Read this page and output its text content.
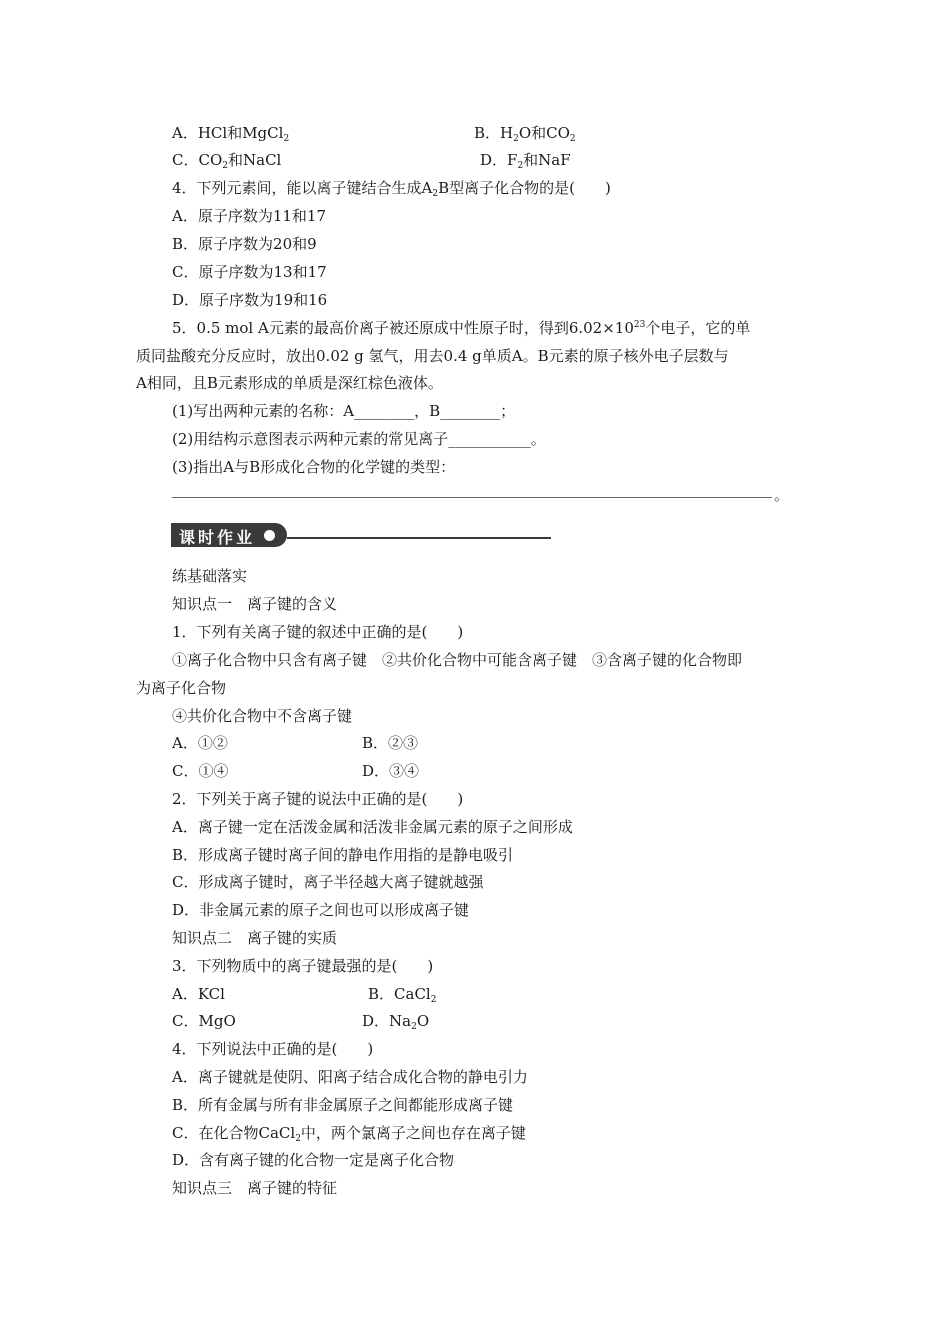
A．HCl和MgCl$_2$	B．$H_2O$和$CO_2$
C．$CO_2$和NaCl	D．$F_2$和NaF
4．下列元素间，能以离子键结合生成$A_2B$型离子化合物的是(　　)
A．原子序数为11和17
B．原子序数为20和9
C．原子序数为13和17
D．原子序数为19和16
5．0.5 mol A元素的最高价离子被还原成中性原子时，得到$6.02\times 10^{23}$个电子，它的单
质同盐酸充分反应时，放出0.02 g 氢气，用去0.4 g单质A。B元素的原子核外电子层数与
A相同，且B元素形成的单质是深红棕色液体。
(1)写出两种元素的名称：A________，B________；
(2)用结构示意图表示两种元素的常见离子___________。
(3)指出A与B形成化合物的化学键的类型：
。
课时作业
练基础落实
知识点一　离子键的含义
1．下列有关离子键的叙述中正确的是(　　)
①离子化合物中只含有离子键　②共价化合物中可能含离子键　③含离子键的化合物即
为离子化合物
④共价化合物中不含离子键
A．①②	B．②③
C．①④	D．③④
2．下列关于离子键的说法中正确的是(　　)
A．离子键一定在活泼金属和活泼非金属元素的原子之间形成
B．形成离子键时离子间的静电作用指的是静电吸引
C．形成离子键时，离子半径越大离子键就越强
D．非金属元素的原子之间也可以形成离子键
知识点二　离子键的实质
3．下列物质中的离子键最强的是(　　)
A．KCl	B．CaCl$_2$
C．MgO	D．$Na_2O$
4．下列说法中正确的是(　　)
A．离子键就是使阴、阳离子结合成化合物的静电引力
B．所有金属与所有非金属原子之间都能形成离子键
C．在化合物CaCl$_2$中，两个氯离子之间也存在离子键
D．含有离子键的化合物一定是离子化合物
知识点三　离子键的特征
